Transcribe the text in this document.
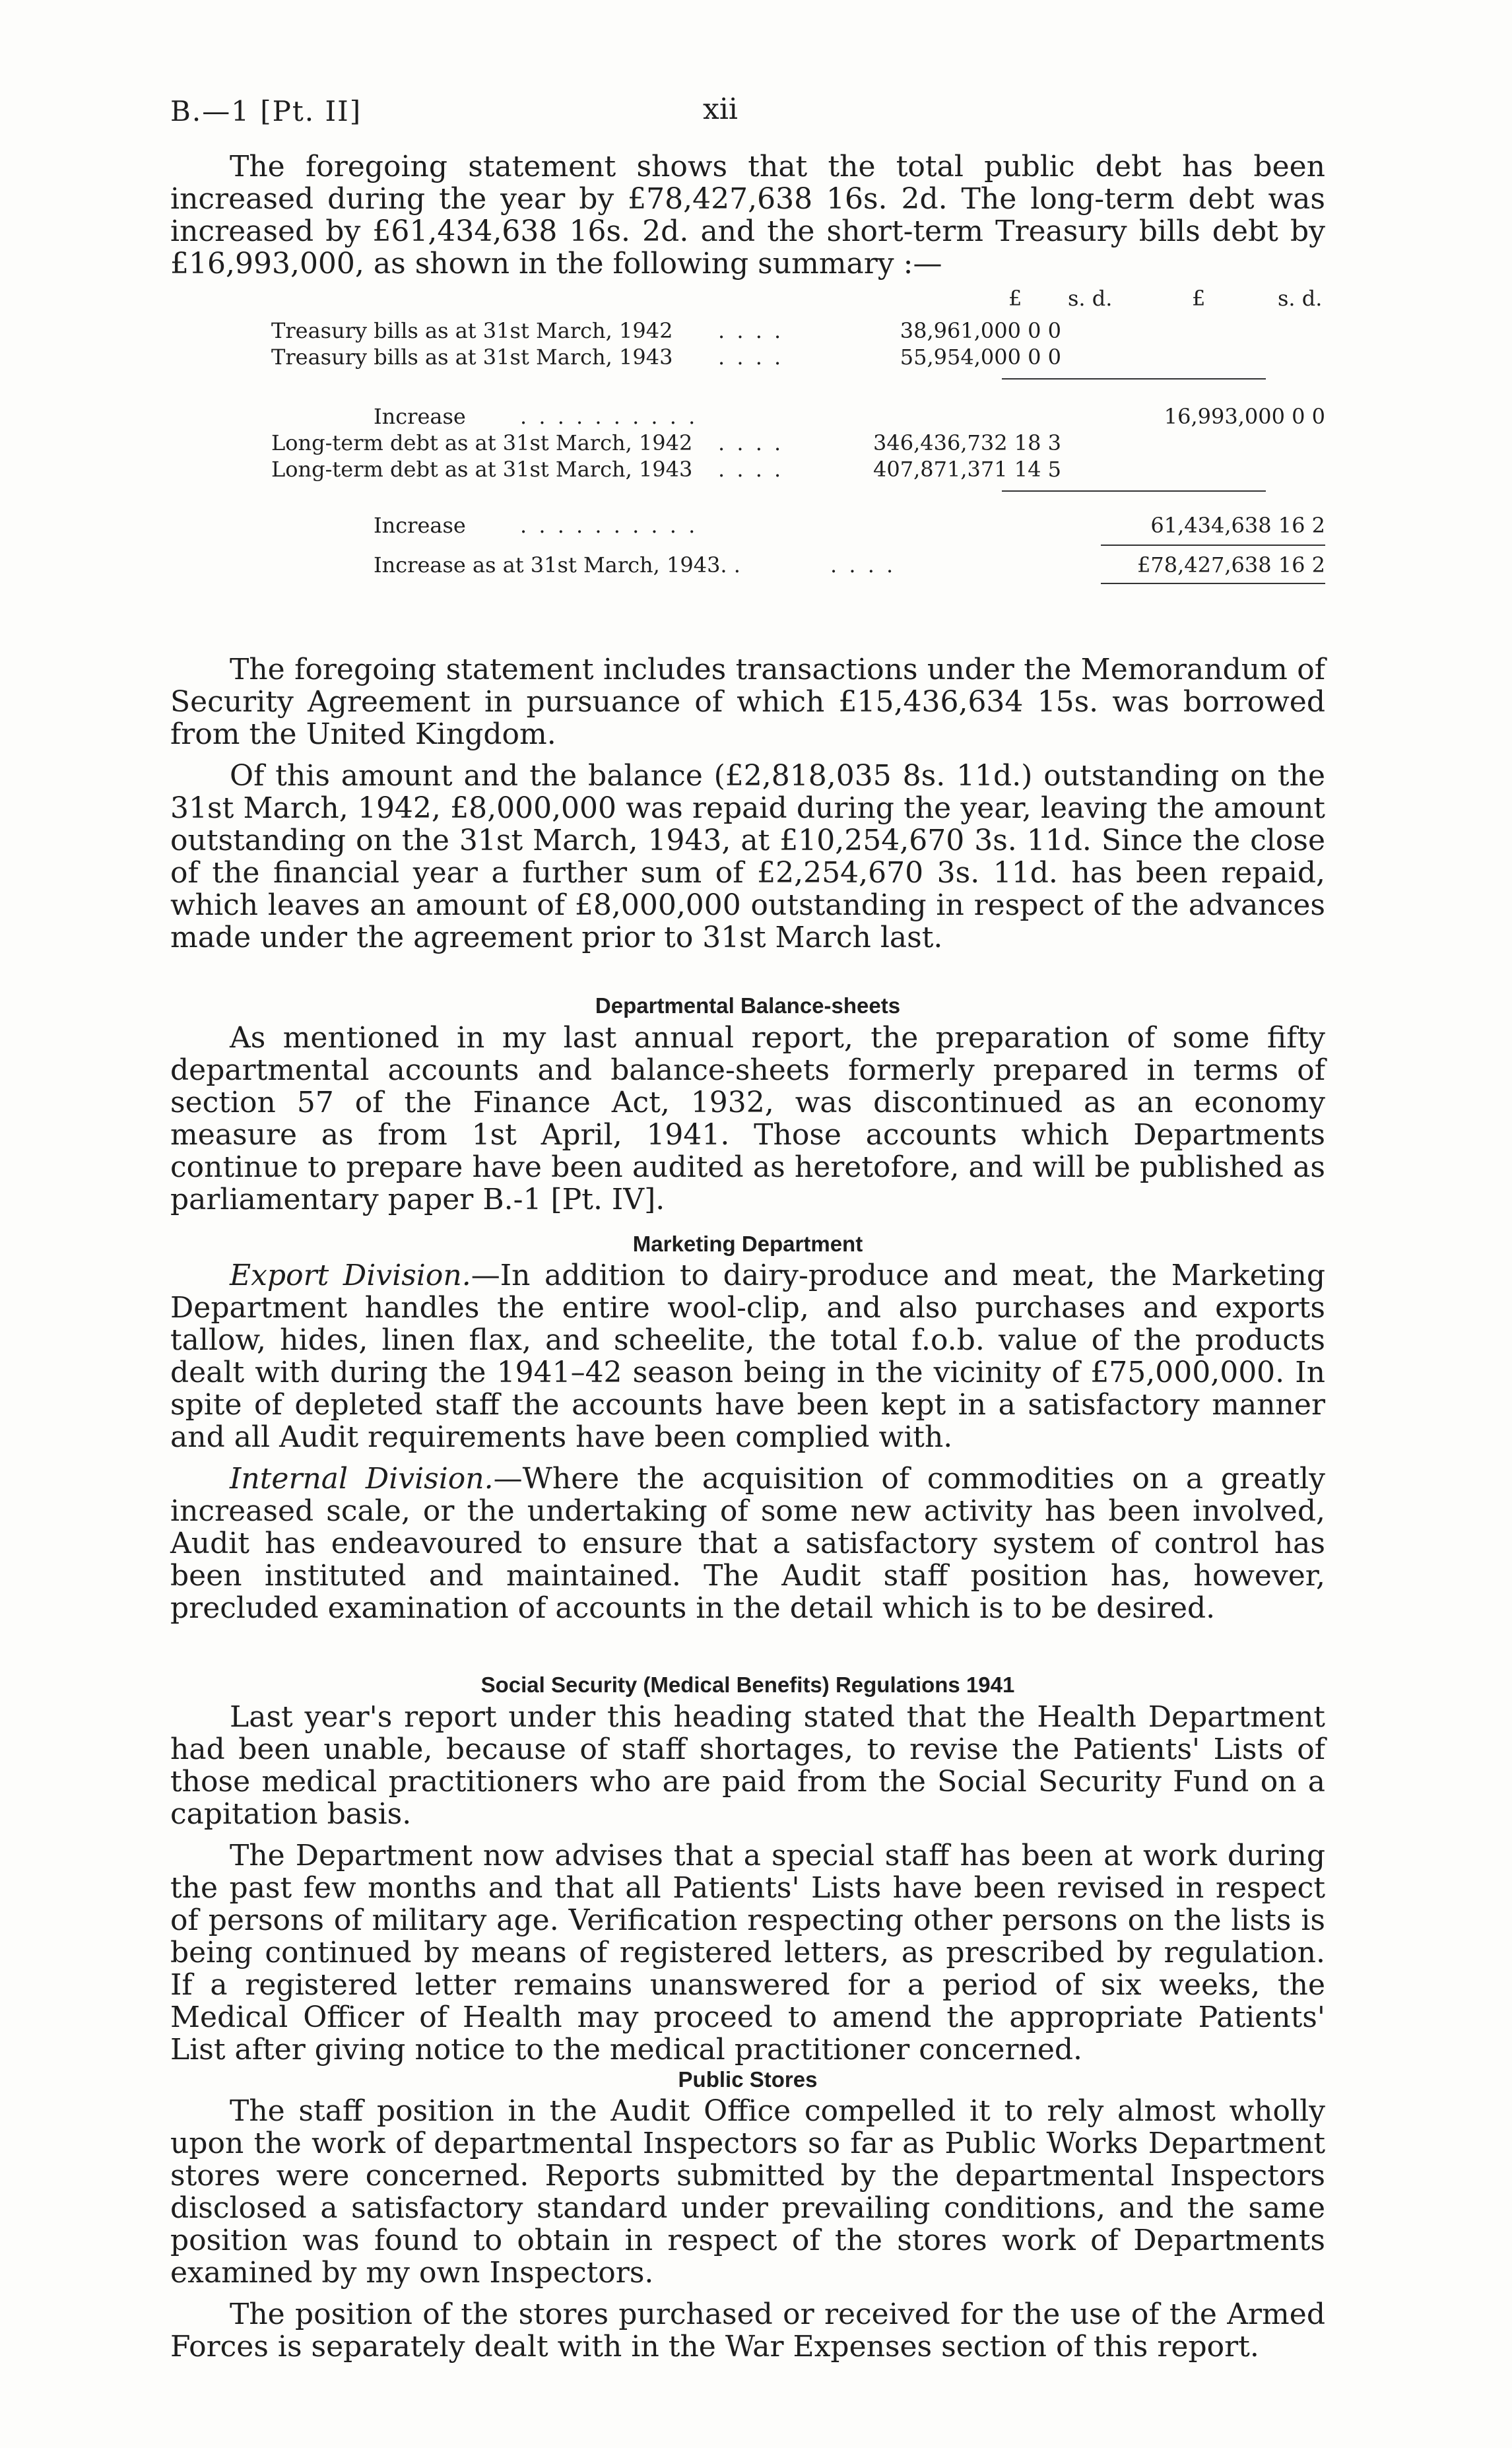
B.—1 [Pt. II]	xii

The foregoing statement shows that the total public debt has been increased during the year by £78,427,638 16s. 2d. The long-term debt was increased by £61,434,638 16s. 2d. and the short-term Treasury bills debt by £16,993,000, as shown in the following summary :—

£ s. d.	£	s. d.
Treasury bills as at 31st March, 1942 . . . .	38,961,000 0 0
Treasury bills as at 31st March, 1943 . . . .	55,954,000 0 0
Increase	. . . . . . . . . .	16,993,000 0 0
Long-term debt as at 31st March, 1942 . . . .	346,436,732 18 3
Long-term debt as at 31st March, 1943 . . . .	407,871,371 14 5
Increase	. . . . . . . . . .	61,434,638 16 2
Increase as at 31st March, 1943. .	. . . .	£78,427,638 16 2

The foregoing statement includes transactions under the Memorandum of Security Agreement in pursuance of which £15,436,634 15s. was borrowed from the United Kingdom.

Of this amount and the balance (£2,818,035 8s. 11d.) outstanding on the 31st March, 1942, £8,000,000 was repaid during the year, leaving the amount outstanding on the 31st March, 1943, at £10,254,670 3s. 11d. Since the close of the financial year a further sum of £2,254,670 3s. 11d. has been repaid, which leaves an amount of £8,000,000 outstanding in respect of the advances made under the agreement prior to 31st March last.

Departmental Balance-sheets

As mentioned in my last annual report, the preparation of some fifty departmental accounts and balance-sheets formerly prepared in terms of section 57 of the Finance Act, 1932, was discontinued as an economy measure as from 1st April, 1941. Those accounts which Departments continue to prepare have been audited as heretofore, and will be published as parliamentary paper B.-1 [Pt. IV].

Marketing Department

Export Division.—In addition to dairy-produce and meat, the Marketing Department handles the entire wool-clip, and also purchases and exports tallow, hides, linen flax, and scheelite, the total f.o.b. value of the products dealt with during the 1941–42 season being in the vicinity of £75,000,000. In spite of depleted staff the accounts have been kept in a satisfactory manner and all Audit requirements have been complied with.

Internal Division.—Where the acquisition of commodities on a greatly increased scale, or the undertaking of some new activity has been involved, Audit has endeavoured to ensure that a satisfactory system of control has been instituted and maintained. The Audit staff position has, however, precluded examination of accounts in the detail which is to be desired.

Social Security (Medical Benefits) Regulations 1941

Last year's report under this heading stated that the Health Department had been unable, because of staff shortages, to revise the Patients' Lists of those medical practitioners who are paid from the Social Security Fund on a capitation basis.

The Department now advises that a special staff has been at work during the past few months and that all Patients' Lists have been revised in respect of persons of military age. Verification respecting other persons on the lists is being continued by means of registered letters, as prescribed by regulation. If a registered letter remains unanswered for a period of six weeks, the Medical Officer of Health may proceed to amend the appropriate Patients' List after giving notice to the medical practitioner concerned.

Public Stores

The staff position in the Audit Office compelled it to rely almost wholly upon the work of departmental Inspectors so far as Public Works Department stores were concerned. Reports submitted by the departmental Inspectors disclosed a satisfactory standard under prevailing conditions, and the same position was found to obtain in respect of the stores work of Departments examined by my own Inspectors.

The position of the stores purchased or received for the use of the Armed Forces is separately dealt with in the War Expenses section of this report.
